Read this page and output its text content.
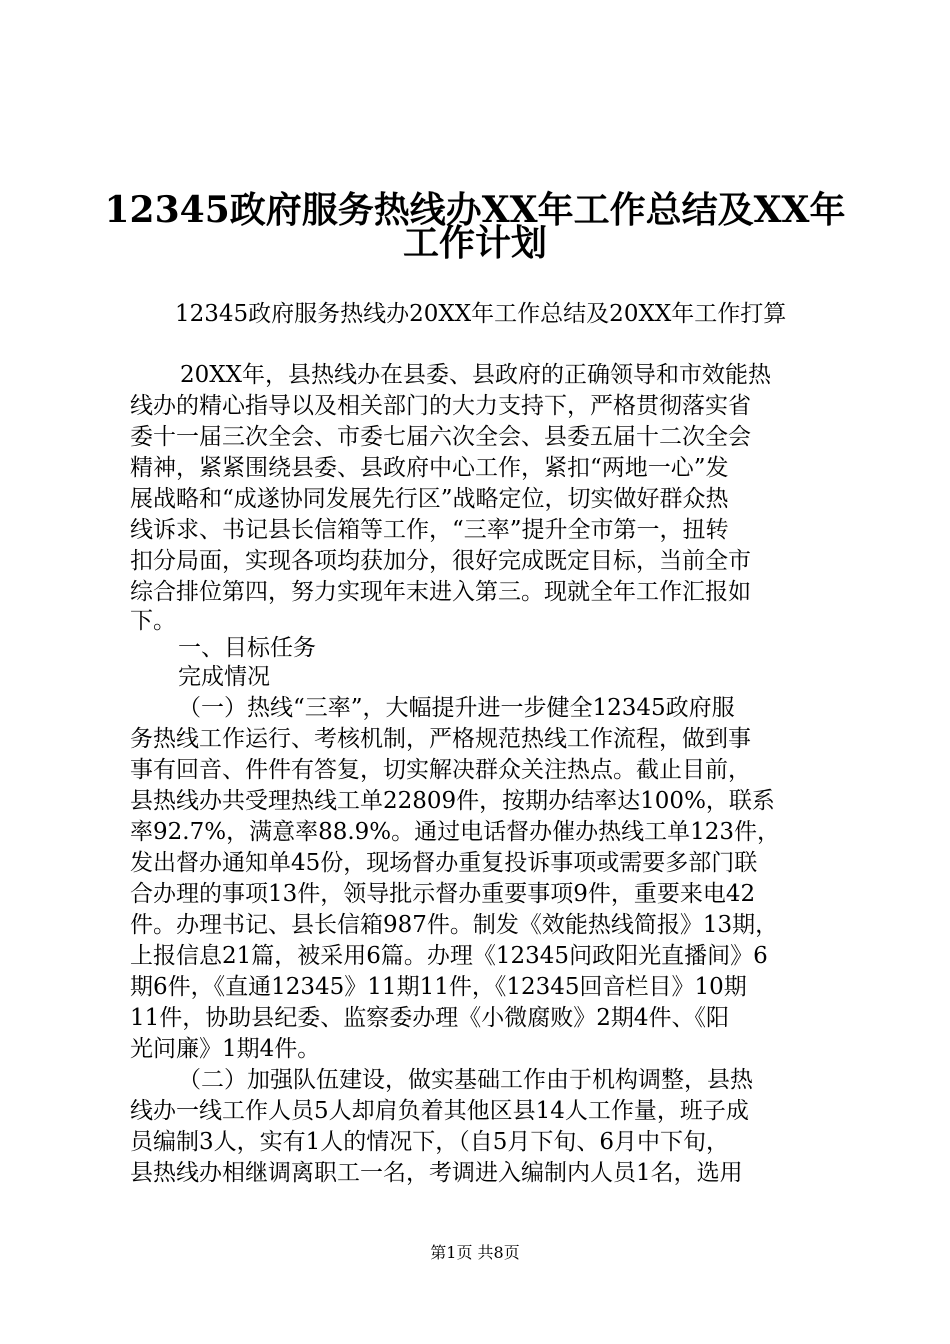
12345政府服务热线办XX年工作总结及XX年
工作计划

12345政府服务热线办20XX年工作总结及20XX年工作打算

20XX年，县热线办在县委、县政府的正确领导和市效能热

线办的精心指导以及相关部门的大力支持下，严格贯彻落实省

委十一届三次全会、市委七届六次全会、县委五届十二次全会

精神，紧紧围绕县委、县政府中心工作，紧扣“两地一心”发

展战略和“成遂协同发展先行区”战略定位，切实做好群众热

线诉求、书记县长信箱等工作，“三率”提升全市第一，扭转

扣分局面，实现各项均获加分，很好完成既定目标，当前全市

综合排位第四，努力实现年末进入第三。现就全年工作汇报如

下。

一、目标任务

完成情况

（一）热线“三率”，大幅提升进一步健全12345政府服

务热线工作运行、考核机制，严格规范热线工作流程，做到事

事有回音、件件有答复，切实解决群众关注热点。截止目前，

县热线办共受理热线工单22809件，按期办结率达100%，联系

率92.7%，满意率88.9%。通过电话督办催办热线工单123件，

发出督办通知单45份，现场督办重复投诉事项或需要多部门联

合办理的事项13件，领导批示督办重要事项9件，重要来电42

件。办理书记、县长信箱987件。制发《效能热线简报》13期，

上报信息21篇，被采用6篇。办理《12345问政阳光直播间》6

期6件，《直通12345》11期11件，《12345回音栏目》10期

11件，协助县纪委、监察委办理《小微腐败》2期4件、《阳

光问廉》1期4件。

（二）加强队伍建设，做实基础工作由于机构调整，县热

线办一线工作人员5人却肩负着其他区县14人工作量，班子成

员编制3人，实有1人的情况下，（自5月下旬、6月中下旬，

县热线办相继调离职工一名，考调进入编制内人员1名，选用

第1页 共8页
